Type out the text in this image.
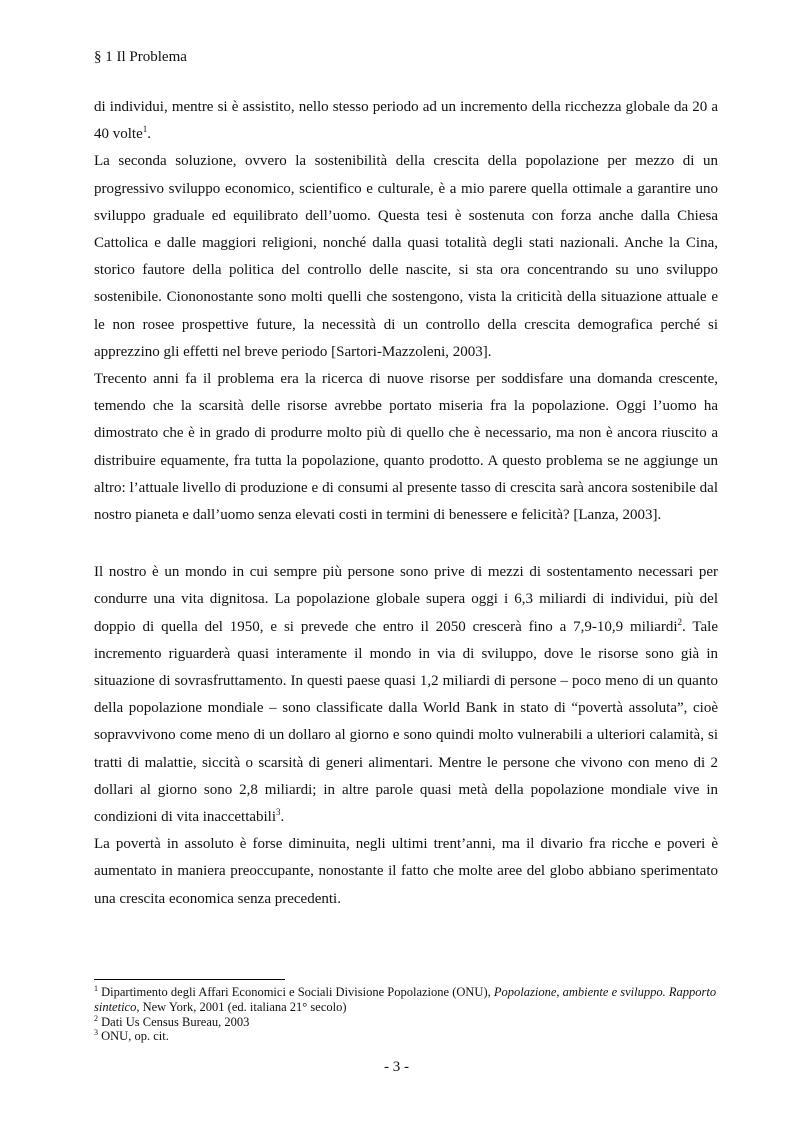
§ 1 Il Problema

di individui, mentre si è assistito, nello stesso periodo ad un incremento della ricchezza globale da 20 a 40 volte$^1$.

La seconda soluzione, ovvero la sostenibilità della crescita della popolazione per mezzo di un progressivo sviluppo economico, scientifico e culturale, è a mio parere quella ottimale a garantire uno sviluppo graduale ed equilibrato dell’uomo. Questa tesi è sostenuta con forza anche dalla Chiesa Cattolica e dalle maggiori religioni, nonché dalla quasi totalità degli stati nazionali. Anche la Cina, storico fautore della politica del controllo delle nascite, si sta ora concentrando su uno sviluppo sostenibile. Ciononostante sono molti quelli che sostengono, vista la criticità della situazione attuale e le non rosee prospettive future, la necessità di un controllo della crescita demografica perché si apprezzino gli effetti nel breve periodo [Sartori-Mazzoleni, 2003].

Trecento anni fa il problema era la ricerca di nuove risorse per soddisfare una domanda crescente, temendo che la scarsità delle risorse avrebbe portato miseria fra la popolazione. Oggi l’uomo ha dimostrato che è in grado di produrre molto più di quello che è necessario, ma non è ancora riuscito a distribuire equamente, fra tutta la popolazione, quanto prodotto. A questo problema se ne aggiunge un altro: l’attuale livello di produzione e di consumi al presente tasso di crescita sarà ancora sostenibile dal nostro pianeta e dall’uomo senza elevati costi in termini di benessere e felicità? [Lanza, 2003].

Il nostro è un mondo in cui sempre più persone sono prive di mezzi di sostentamento necessari per condurre una vita dignitosa. La popolazione globale supera oggi i 6,3 miliardi di individui, più del doppio di quella del 1950, e si prevede che entro il 2050 crescerà fino a 7,9-10,9 miliardi$^2$. Tale incremento riguarderà quasi interamente il mondo in via di sviluppo, dove le risorse sono già in situazione di sovrasfruttamento. In questi paese quasi 1,2 miliardi di persone – poco meno di un quanto della popolazione mondiale – sono classificate dalla World Bank in stato di “povertà assoluta”, cioè sopravvivono come meno di un dollaro al giorno e sono quindi molto vulnerabili a ulteriori calamità, si tratti di malattie, siccità o scarsità di generi alimentari. Mentre le persone che vivono con meno di 2 dollari al giorno sono 2,8 miliardi; in altre parole quasi metà della popolazione mondiale vive in condizioni di vita inaccettabili$^3$.

La povertà in assoluto è forse diminuita, negli ultimi trent’anni, ma il divario fra ricche e poveri è aumentato in maniera preoccupante, nonostante il fatto che molte aree del globo abbiano sperimentato una crescita economica senza precedenti.

$^1$ Dipartimento degli Affari Economici e Sociali Divisione Popolazione (ONU), Popolazione, ambiente e sviluppo. Rapporto sintetico, New York, 2001 (ed. italiana 21° secolo)

$^2$ Dati Us Census Bureau, 2003

$^3$ ONU, op. cit.

- 3 -
